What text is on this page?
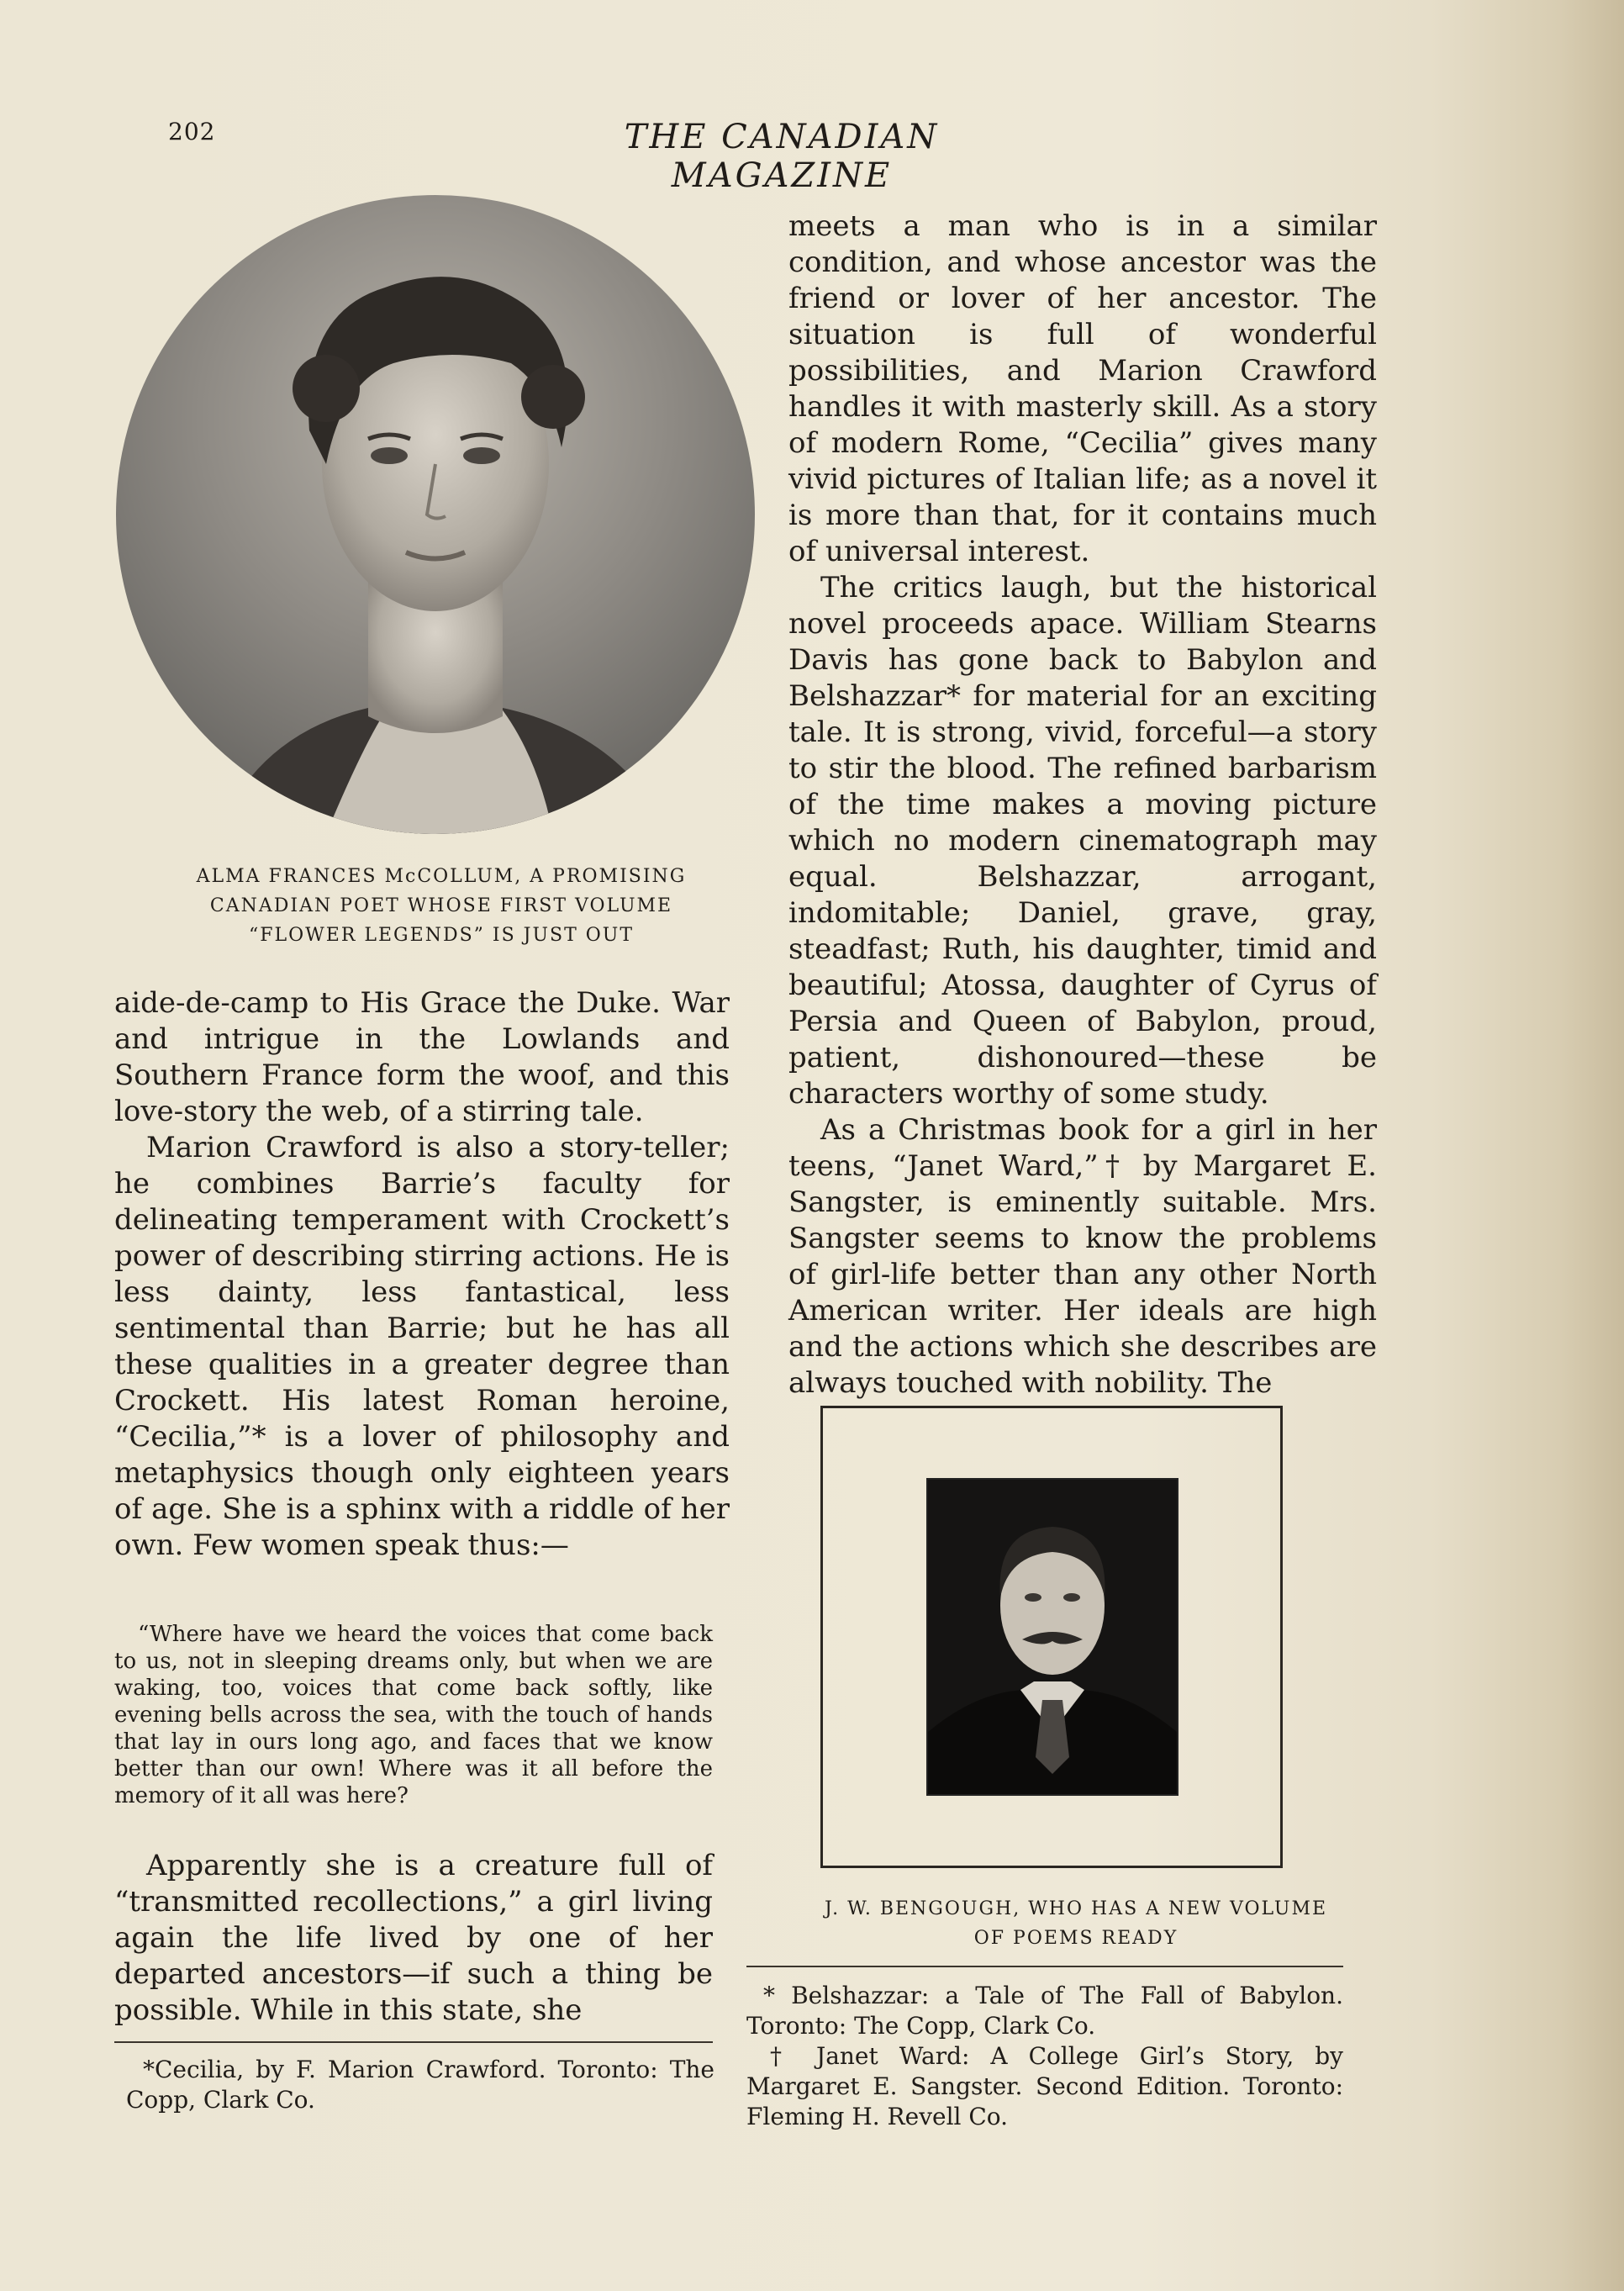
202	THE CANADIAN MAGAZINE
ALMA FRANCES McCOLLUM, A PROMISING
CANADIAN POET WHOSE FIRST VOLUME
“FLOWER LEGENDS” IS JUST OUT

aide-de-camp to His Grace the Duke. War and intrigue in the Lowlands and Southern France form the woof, and this love-story the web, of a stirring tale.

Marion Crawford is also a story-teller; he combines Barrie’s faculty for delineating temperament with Crockett’s power of describing stirring actions. He is less dainty, less fantastical, less sentimental than Barrie; but he has all these qualities in a greater degree than Crockett. His latest Roman heroine, “Cecilia,”* is a lover of philosophy and metaphysics though only eighteen years of age. She is a sphinx with a riddle of her own. Few women speak thus:—

“Where have we heard the voices that come back to us, not in sleeping dreams only, but when we are waking, too, voices that come back softly, like evening bells across the sea, with the touch of hands that lay in ours long ago, and faces that we know better than our own! Where was it all before the memory of it all was here?

Apparently she is a creature full of “transmitted recollections,” a girl living again the life lived by one of her departed ancestors—if such a thing be possible. While in this state, she

*Cecilia, by F. Marion Crawford. Toronto: The Copp, Clark Co.

meets a man who is in a similar condition, and whose ancestor was the friend or lover of her ancestor. The situation is full of wonderful possibilities, and Marion Crawford handles it with masterly skill. As a story of modern Rome, “Cecilia” gives many vivid pictures of Italian life; as a novel it is more than that, for it contains much of universal interest.

The critics laugh, but the historical novel proceeds apace. William Stearns Davis has gone back to Babylon and Belshazzar* for material for an exciting tale. It is strong, vivid, forceful—a story to stir the blood. The refined barbarism of the time makes a moving picture which no modern cinematograph may equal. Belshazzar, arrogant, indomitable; Daniel, grave, gray, steadfast; Ruth, his daughter, timid and beautiful; Atossa, daughter of Cyrus of Persia and Queen of Babylon, proud, patient, dishonoured—these be characters worthy of some study.

As a Christmas book for a girl in her teens, “Janet Ward,”† by Margaret E. Sangster, is eminently suitable. Mrs. Sangster seems to know the problems of girl-life better than any other North American writer. Her ideals are high and the actions which she describes are always touched with nobility. The

J. W. BENGOUGH, WHO HAS A NEW VOLUME
OF POEMS READY
* Belshazzar: a Tale of The Fall of Babylon. Toronto: The Copp, Clark Co.
† Janet Ward: A College Girl’s Story, by Margaret E. Sangster. Second Edition. Toronto: Fleming H. Revell Co.
